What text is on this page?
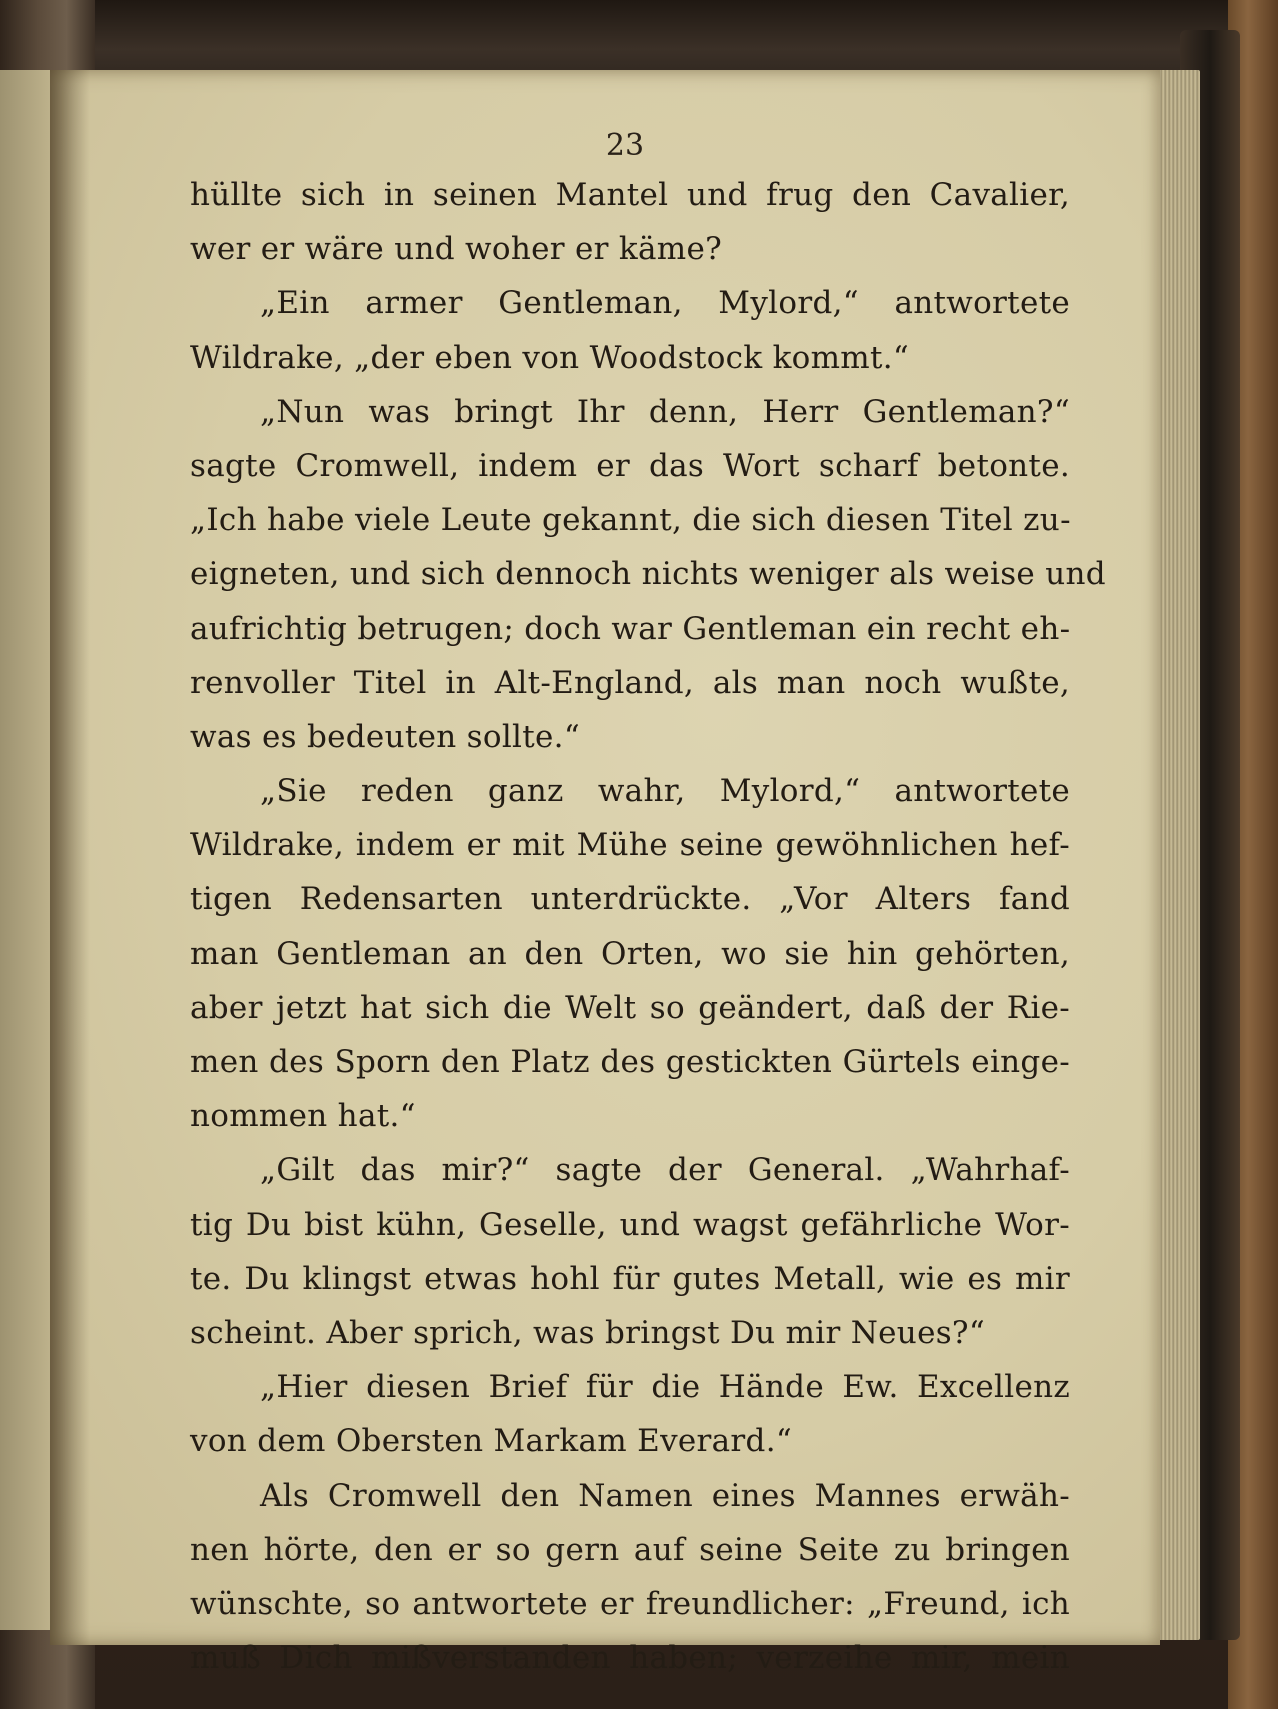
23
hüllte sich in seinen Mantel und frug den Cavalier,
wer er wäre und woher er käme?
„Ein armer Gentleman, Mylord,“ antwortete
Wildrake, „der eben von Woodstock kommt.“
„Nun was bringt Ihr denn, Herr Gentleman?“
sagte Cromwell, indem er das Wort scharf betonte.
„Ich habe viele Leute gekannt, die sich diesen Titel zu-
eigneten, und sich dennoch nichts weniger als weise und
aufrichtig betrugen; doch war Gentleman ein recht eh-
renvoller Titel in Alt-England, als man noch wußte,
was es bedeuten sollte.“
„Sie reden ganz wahr, Mylord,“ antwortete
Wildrake, indem er mit Mühe seine gewöhnlichen hef-
tigen Redensarten unterdrückte. „Vor Alters fand
man Gentleman an den Orten, wo sie hin gehörten,
aber jetzt hat sich die Welt so geändert, daß der Rie-
men des Sporn den Platz des gestickten Gürtels einge-
nommen hat.“
„Gilt das mir?“ sagte der General. „Wahrhaf-
tig Du bist kühn, Geselle, und wagst gefährliche Wor-
te. Du klingst etwas hohl für gutes Metall, wie es mir
scheint. Aber sprich, was bringst Du mir Neues?“
„Hier diesen Brief für die Hände Ew. Excellenz
von dem Obersten Markam Everard.“
Als Cromwell den Namen eines Mannes erwäh-
nen hörte, den er so gern auf seine Seite zu bringen
wünschte, so antwortete er freundlicher: „Freund, ich
muß Dich mißverstanden haben; verzeihe mir, mein
